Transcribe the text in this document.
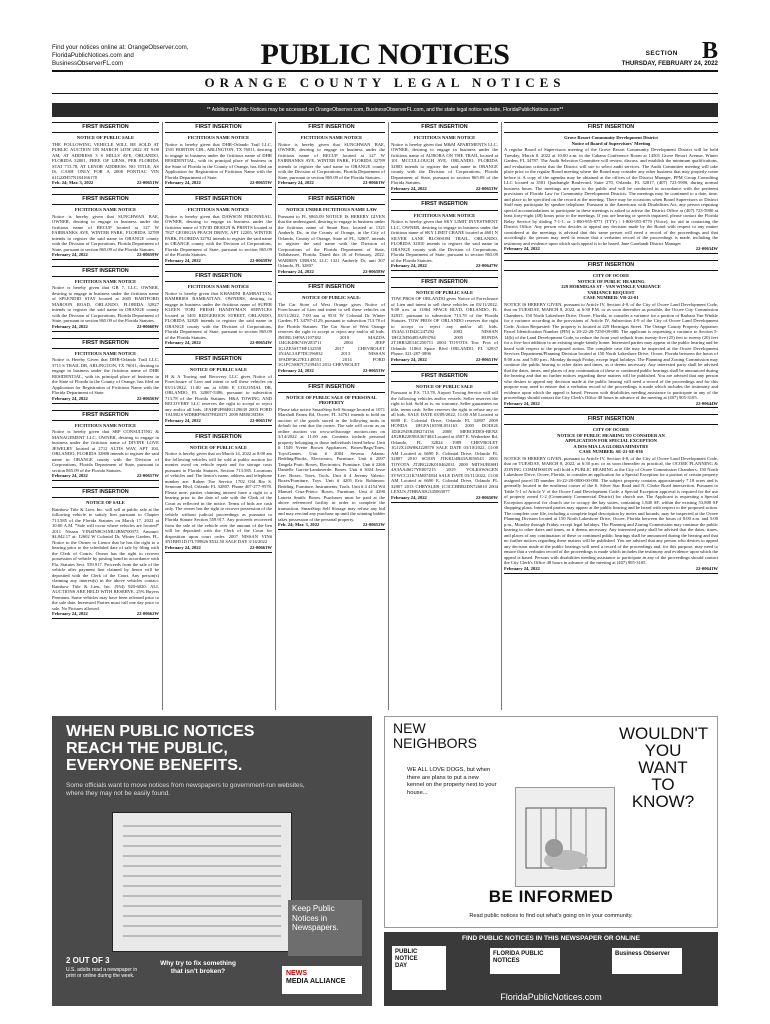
Find your notices online at: OrangeObserver.com,
FloridaPublicNotices.com and
BusinessObserverFL.com	PUBLIC NOTICES	SECTION B
THURSDAY, FEBRUARY 24, 2022
ORANGE COUNTY LEGAL NOTICES
** Additional Public Notices may be accessed on OrangeObserver.com, BusinessObserverFL.com, and the state legal notice website, FloridaPublicNotices.com**
FIRST INSERTION
NOTICE OF PUBLIC SALE
THE FOLLOWING VEHICLE WILL BE SOLD AT PUBLIC AUCTION ON MARCH 14TH 2022 AT 9:00 AM, AT ADDRESS 3 S MILLS AVE, ORLANDO, FLORIDA 32801, FREE OF LIENS, PER FLORIDA STAT 713.78, AT LENOR ADDRESS. NO TITLE, AS IS, CASH ONLY FOR A 2008 PONTIAC VIN #1G2ZH57N184166178
Feb. 24; Mar. 3, 2022	22-00651W
FIRST INSERTION
FICTITIOUS NAME NOTICE
Notice is hereby given that SUNGHWAN BAE, OWNER, desiring to engage in business under the fictitious name of RECUP located at 127 W FAIRBANKS AVE, WINTER PARK, FLORIDA 32789 intends to register the said name in ORANGE county with the Division of Corporations, Florida Department of State, pursuant to section 865.09 of the Florida Statutes.
February 24, 2022	22-00659W
FIRST INSERTION
FICTITIOUS NAME NOTICE
Notice is hereby given that GB 7, LLC, OWNER, desiring to engage in business under the fictitious name of SPLENDID STAY located at 2605 HARTFORD MAROON ROAD, ORLANDO, FLORIDA 32827 intends to register the said name in ORANGE county with the Division of Corporations, Florida Department of State, pursuant to section 865.09 of the Florida Statutes.
February 24, 2022	22-00660W
FIRST INSERTION
FICTITIOUS NAME NOTICE
Notice is Hereby Given that DHR-Orlando Trail LLC, 3711 S TRAIL DR, ARLINGTON, TX 76011, desiring to engage in business under the fictitious name of DHR RESIDENTIAL, with its principal place of business in the State of Florida in the County of Orange, has filed an Application for Registration of Fictitious Name with the Florida Department of State.
February 24, 2022	22-00656W
FIRST INSERTION
FICTITIOUS NAME NOTICE
Notice is hereby given that SRP CONSULTING & MANAGEMENT LLC, OWNER, desiring to engage in business under the fictitious name of DIVINE LOVE JEWELRY located at 2712 ALTIS WAY, APT 104, ORLANDO, FLORIDA 32808 intends to register the said name in ORANGE county with the Division of Corporations, Florida Department of State, pursuant to section 865.09 of the Florida Statutes.
February 24, 2022	22-00657W
FIRST INSERTION
NOTICE OF SALE
Rainbow Title & Lien, Inc. will sell at public sale at the following vehicle to satisfy lien pursuant to Chapter 713.585 of the Florida Statutes on March 17, 2022 at 10:00 A.M. *Sale will occur where vehicles are located* 2011 Nissan VIN#JN8CS1MU2BM700373 Amount: $4,842.17 at: 12602 W Colonial Dr, Winter Garden, FL. Notice to the Owner or Lienor that he has the right to a hearing prior to the scheduled date of sale by filing with the Clerk of Courts. Owner has the right to recover possession of vehicle by posting bond in accordance with Fla. Statutes Sect. 559.917. Proceeds from the sale of the vehicle after payment lien claimed by lienor will be deposited with the Clerk of the Court. Any person(s) claiming any interest(s) in the above vehicles contact: Rainbow Title & Lien, Inc. (954) 920-6020. ALL AUCTIONS ARE HELD WITH RESERVE. 25% Buyers Premium. Some vehicles may have been released prior to the sale date. Interested Parties must call one day prior to sale. No Pictures allowed.
February 24, 2022	22-00662W
FIRST INSERTION
FICTITIOUS NAME NOTICE
Notice is hereby given that DHR-Orlando Trail LLC, 1501 HORTON CIR., ARLINGTON, TX 76011, desiring to engage in business under the fictitious name of DHR RESIDENTIAL, with its principal place of business in the State of Florida in the County of Orange, has filed an Application for Registration of Fictitious Name with the Florida Department of State.
February 24, 2022	22-00655W
FIRST INSERTION
FICTITIOUS NAME NOTICE
Notice is hereby given that DAWSON PIRONNEAU, OWNER, desiring to engage in business under the fictitious name of VIVID DESIGN & PRINTS located at 7827 GEORGIA PEACH DRIVE, APT 12205, WINTER PARK, FLORIDA 32792 intends to register the said name in ORANGE county with the Division of Corporations, Florida Department of State, pursuant to section 865.09 of the Florida Statutes.
February 24, 2022	22-00658W
FIRST INSERTION
FICTITIOUS NAME NOTICE
Notice is hereby given that KHAMINI RAMRATTAN, RAMBRIES RAMRATTAN, OWNERS, desiring to engage in business under the fictitious name of SUPER KLEEN TOBI FRESH HANDYMAN SERVICES located at 1401 RIDGEROCK STREET, ORLANDO, FLORIDA 32828 intends to register the said name in ORANGE county with the Division of Corporations, Florida Department of State, pursuant to section 865.09 of the Florida Statutes.
February 24, 2022	22-00654W
FIRST INSERTION
NOTICE OF PUBLIC SALE
H & A Towing and Recovery LLC gives Notice of Foreclosure of Lien and intent to sell these vehicles on 03/11/2022, 11:00 am at 6506 E COLONIAL DR, ORLANDO, FL 32807-5386, pursuant to subsection 713.78 of the Florida Statutes. H&A TOWING AND RECOVERY LLC reserves the right to accept or reject any and/or all bids. 1FAHP2F86BG129639 2003 FORD TAURUS WDBRF96J37F828371 2009 MERCEDES
February 24, 2022	22-00651W
FIRST INSERTION
NOTICE OF PUBLIC SALE
Notice is hereby given that on March 14, 2022 at 8:00 am the following vehicles will be sold at public auction for monies owed on vehicle repair and for storage costs pursuant to Florida Statutes, Section 713.585. Locations of vehicles and The lienor's name, address and telephone number are: Ruben Tire Service 1702 Old Rio S. Semoran Blvd, Orlando FL 32807. Phone 407-277-9578. Please note, parties claiming interest have a right to a hearing prior to the date of sale with the Clerk of the Court as reflected in the notice. Terms of bids are cash only. The owner has the right to recover possession of the vehicle without judicial proceedings as pursuant to Florida Statute Section 559.917. Any proceeds recovered from the sale of the vehicle over the amount of the lien will be deposited with the Clerk of the Court for disposition upon court order. 2007 NISSAN VIN# 3N1BB51D17L709826 $532.50 SALE DAY 3/14/2022
February 24, 2022	22-00661W
FIRST INSERTION
FICTITIOUS NAME NOTICE
Notice is hereby given that SUNGHWAN BAE, OWNER, desiring to engage in business under the fictitious name of RECUP located at 127 W FAIRBANKS AVE, WINTER PARK, FLORIDA 32789 intends to register the said name in ORANGE county with the Division of Corporations, Florida Department of State, pursuant to section 865.09 of the Florida Statutes.
February 24, 2022	22-00661W
FIRST INSERTION
NOTICE UNDER FICTITIOUS NAME LAW
Pursuant to FL §865.09 NOTICE IS HEREBY GIVEN that the undersigned, desiring to engage in business under the fictitious name of Smart Box, located at 1321 Amberly Dr., in the County of Orange, in the City of Orlando, County of Orange, State of FL, 32807, intends to register the said name with the Division of Corporations of the Florida Department of State, Tallahassee, Florida. Dated this 16 of February, 2022. WARREN URBAN, LLC 1321 Amberly Dr, unit 307 Orlando, FL 32807
February 24, 2022	22-00658W
FIRST INSERTION
NOTICE OF PUBLIC SALE:
The Car Store of West Orange gives Notice of Foreclosure of Lien and intent to sell these vehicles on 03/11/2022, 7:00 am at 9531 W Colonial Dr Winter Garden, FL 34787-4129, pursuant to subsection 713.78 of the Florida Statutes. The Car Store of West Orange reserves the right to accept or reject any and/or all bids. JM1BL1SF8A1107382 2010 MAZDA 1J4GK48K74W283711 2004 JEEP 1G1ZE5ST7HF132558 2017 CHEVROLET 1N4AL3AP7DC196832 2013 NISSAN 1FADP3K27EL148551 2014 FORD 1G1PC5SH7C7239451 2012 CHEVROLET
February 24, 2022	22-00653W
FIRST INSERTION
NOTICE OF PUBLIC SALE OF PERSONAL PROPERTY
Please take notice SmartStop Self Storage located at 1071 Marshall Farms Rd, Ocoee, FL 34761 intends to hold an auction of the goods stored in the following units in default for rent due the owner. The sale will occur as an online auction via www.selfstorage auction.com on 3/14/2022 at 11:00 am. Contents include personal property belonging to those individuals listed below. Unit # 1549 Yvette Brown Appliances, Boxes/Bags/Totes, Toys/Games. Unit # 2004 Sevena Adams: Bedding/Books, Electronics, Furniture. Unit # 2097 Tangela Pratt: Boxes, Electronics, Furniture. Unit # 2266 Danielle Garcia-Landaverde: Boxes. Unit # 3024 Jesse Lee: Boxes, Totes, Tools. Unit # 4 Jeremy Valerio: Boxes/Furniture, Toys. Unit # 4205 Eric Robinson: Bedding, Furniture, Instruments, Tools. Unit # 4 4154 Wil Manuel Cruz-Prieto: Boxes, Furniture. Unit # 4290 Latoria Smith: Boxes. Purchases must be paid at the above referenced facility in order to complete the transaction. SmartStop Self Storage may refuse any bid and may rescind any purchase up until the winning bidder takes possession of the personal property.
Feb. 24; Mar. 3, 2022	22-00652W
FIRST INSERTION
FICTITIOUS NAME NOTICE
Notice is hereby given that M&M APARTMENTS LLC, OWNER, desiring to engage in business under the fictitious name of AURORA ON THE TRAIL located at 101 MCCULLOUGH AVE, ORLANDO, FLORIDA 32803 intends to register the said name in ORANGE county with the Division of Corporations, Florida Department of State, pursuant to section 865.09 of the Florida Statutes.
February 24, 2022	22-00653W
FIRST INSERTION
FICTITIOUS NAME NOTICE
Notice is hereby given that SKY LIMIT INVESTMENT LLC, OWNER, desiring to engage in business under the fictitious name of SKY LIMIT CRANE located at 4601 N SILVER LANE BLOSSOM TRAIL, ORLANDO, FLORIDA 32810 intends to register the said name in ORANGE county with the Division of Corporations, Florida Department of State, pursuant to section 865.09 of the Florida Statutes.
February 24, 2022	22-00647W
FIRST INSERTION
NOTICE OF PUBLIC SALE
TOW PROS OF ORLANDO gives Notice of Foreclosure of Lien and intent to sell these vehicles on 03/11/2022, 9:00 a.m. at 11864 SPACE BLVD, ORLANDO, FL 32837, pursuant to subsection 713.78 of the Florida Statutes. TOW PROS OF ORLANDO reserves the right to accept or reject any and/or all bids. 1N4AL11D42C247292 2002 NISSAN 1HGCM56485A093784 2005 HONDA 2T1BR32E14C250711 2004 TOYOTA Tow Pros of Orlando 11864 Space Blvd ORLANDO, FL 32837 Phone: 321-287-3896
February 24, 2022	22-00651W
FIRST INSERTION
NOTICE OF PUBLIC SALE
Pursuant to F.S. 713.78, Airport Towing Service will sell the following vehicles and/or vessels. Seller reserves the right to bid. Sold as is, no warranty. Seller guarantees no title, terms cash. Seller reserves the right to refuse any or all bids. SALE DATE 03/09/2022, 11:00 AM Located at 6690 E. Colonial Drive, Orlando FL 32807 2009 HONDA 1HGFA16559L051163 2005 DODGE 1D4GP45R45B274136 2008 MERCEDES-BENZ 4JGBB22E98A367484 Located at 4507 E. Wetherbee Rd, Orlando, FL 32824 1989 CHEVROLET 1G1JX14W8KJ228570 SALE DATE 03/10/2022, 11:00 AM Located at 6690 E. Colonial Drive, Orlando FL 32807 2010 SCION JTKKU4B43AJ056543 2001 TOYOTA JT2BG22K010462031 2000 MITSUBISHI 4A3AA46G7YE007215 2019 VOLKSWAGEN 3VWCC21K74M074834 SALE DATE 03/11/2022, 11:00 AM Located at 6690 E. Colonial Drive, Orlando FL 32807 2013 CHRYSLER 1C3CCBBB2DN726810 2004 LEXUS JTHBA30G345063077
February 24, 2022	22-00650W
FIRST INSERTION
Grove Resort Community Development District
Notice of Board of Supervisors' Meeting
A regular Board of Supervisors meeting of the Grove Resort Community Development District will be held Tuesday, March 8, 2022 at 10:00 a.m. in the Cabana Conference Room at 14501 Grove Resort Avenue, Winter Garden, FL 34787. The Audit Selection Committee will review, discuss, and establish the minimum qualifications, and evaluation criteria that the District will use to select audit services. The Audit Committee meeting will take place prior to the regular Board meeting where the Board may consider any other business that may properly come before it. A copy of the agendas may be obtained at the offices of the District Manager, PFM Group Consulting LLC located at 3501 Quadrangle Boulevard, Suite 270, Orlando, FL 32817, (407) 723-5900, during normal business hours. The meetings are open to the public and will be conducted in accordance with the pertinent provisions of Florida Law for Community Development Districts. The meetings may be continued to a date, time, and place to be specified on the record at the meeting. There may be occasions when Board Supervisors or District Staff may participate by speaker telephone. Pursuant to the Americans with Disabilities Act, any person requiring special accommodations to participate in these meetings is asked to advise the District Office at (407) 723-5900 at least forty-eight (48) hours prior to the meetings. If you are hearing or speech impaired, please contact the Florida Relay Service by dialing 7-1-1, or 1-800-955-8771 (TTY) / 1-800-955-8770 (Voice), for aid in contacting the District Office. Any person who decides to appeal any decision made by the Board with respect to any matter considered at the meetings is advised that this same person will need a record of the proceedings and that accordingly, the person may need to ensure that a verbatim record of the proceedings is made, including the testimony and evidence upon which such appeal is to be based. Jane Gaarlandt District Manager
February 24, 2022	22-00634W
FIRST INSERTION
CITY OF OCOEE
NOTICE OF PUBLIC HEARING
229 HORMIGAS ST - VAN WINKLE VARIANCE
VARIANCE REQUEST
CASE NUMBER: VR-22-01
NOTICE IS HEREBY GIVEN, pursuant to Article IV, Section 4-9, of the City of Ocoee Land Development Code, that on TUESDAY, MARCH 8, 2022, at 6:30 P.M. or as soon thereafter as possible, the Ocoee City Commission Chambers, 150 North Lakeshore Drive, Ocoee, Florida, to consider a variance for a portion of Barbara Van Winkle for a variance according to the provisions of Article IV, Subsection 4-9 of the City of Ocoee Land Development Code. Action Requested: The property is located at 229 Hormigas Street. The Orange County Property Appraiser Parcel Identification Number (PIN) is 20-22-28-7250-09-080. The applicant is requesting a variance to Section 5-14(b) of the Land Development Code, to reduce the front yard setback from twenty-five (25) feet to twenty (20) feet for a five-foot addition to an existing single-family home. Interested parties may appear at the public hearing and be heard with respect to the proposed action. The complete case file may be inspected at the Ocoee Development Services Department/Planning Division located at 150 North Lakeshore Drive, Ocoee, Florida between the hours of 8:00 a.m. and 5:00 p.m., Monday through Friday, except legal holidays. The Planning and Zoning Commission may continue the public hearing to other dates and times, as it deems necessary. Any interested party shall be advised that the dates, times, and places of any continuation of these or continued public hearings shall be announced during the hearing and that no further notices regarding these matters will be published. You are advised that any person who desires to appeal any decision made at the public hearing will need a record of the proceedings and for this purpose may need to ensure that a verbatim record of the proceedings is made which includes the testimony and evidence upon which the appeal is based. Persons with disabilities needing assistance to participate in any of the proceedings should contact the City Clerk's Office 48 hours in advance of the meeting at (407) 905-3105.
February 24, 2022	22-00644W
FIRST INSERTION
CITY OF OCOEE
NOTICE OF PUBLIC HEARING TO CONSIDER AN
APPLICATION FOR SPECIAL EXCEPTION
A DOS MIA LA GLORIA MINISTRY
CASE NUMBER: SE-21-SE-036
NOTICE IS HEREBY GIVEN, pursuant to Article IV, Section 4-8, of the City of Ocoee Land Development Code, that on TUESDAY, MARCH 8, 2022, at 6:30 p.m. or as soon thereafter as practical, the OCOEE PLANNING & ZONING COMMISSION will hold a PUBLIC HEARING at the City of Ocoee Commission Chambers, 150 North Lakeshore Drive, Ocoee, Florida, to consider an application for a Special Exception for a portion of certain property assigned parcel ID number 16-22-28-0000-00-090. The subject property contains approximately 7.18 acres and is generally located in the northeast corner of the S. Silver Star Road and N. Clarke Road intersection. Pursuant to Table 5-1 of Article V of the Ocoee Land Development Code, a Special Exception approval is required for the use of property zoned C-2 (Community Commercial District) for church use. The Applicant is requesting a Special Exception approval for church use to occupy the bay suites, containing 1,840 SF, within the existing 53,800 SF shopping plaza. Interested parties may appear at the public hearing and be heard with respect to the proposed action. The complete case file, including a complete legal description by metes and bounds, may be inspected at the Ocoee Planning Division located at 150 North Lakeshore Drive, Ocoee, Florida between the hours of 8:00 a.m. and 5:00 p.m., Monday through Friday, except legal holidays. The Planning and Zoning Commission may continue the public hearing to other dates and times, as it deems necessary. Any interested party shall be advised that the dates, times, and places of any continuation of these or continued public hearings shall be announced during the hearing and that no further notices regarding these matters will be published. You are advised that any person who desires to appeal any decision made at the public hearings will need a record of the proceedings and, for this purpose, may need to ensure that a verbatim record of the proceedings is made which includes the testimony and evidence upon which the appeal is based. Persons with disabilities needing assistance to participate in any of the proceedings should contact the City Clerk's Office 48 hours in advance of the meeting at (407) 905-3105.
February 24, 2022	22-00641W
WHEN PUBLIC NOTICES
REACH THE PUBLIC,
EVERYONE BENEFITS.
Some officials want to move notices from newspapers to government-run websites, where they may not be easily found.
Keep Public Notices in Newspapers.
2 OUT OF 3
U.S. adults read a newspaper in print or online during the week.
Why try to fix something that isn't broken?	NEWS
MEDIA ALLIANCE
NEW
NEIGHBORS
WE ALL LOVE DOGS, but when there are plans to put a new kennel on the property next to your house...
WOULDN'T
YOU WANT
TO KNOW?
BE INFORMED
Read public notices to find out what's going on in your community.
FIND PUBLIC NOTICES IN THIS NEWSPAPER OR ONLINE
PUBLIC
NOTICE
DAY
FLORIDA PUBLIC NOTICES
Business Observer
FloridaPublicNotices.com
